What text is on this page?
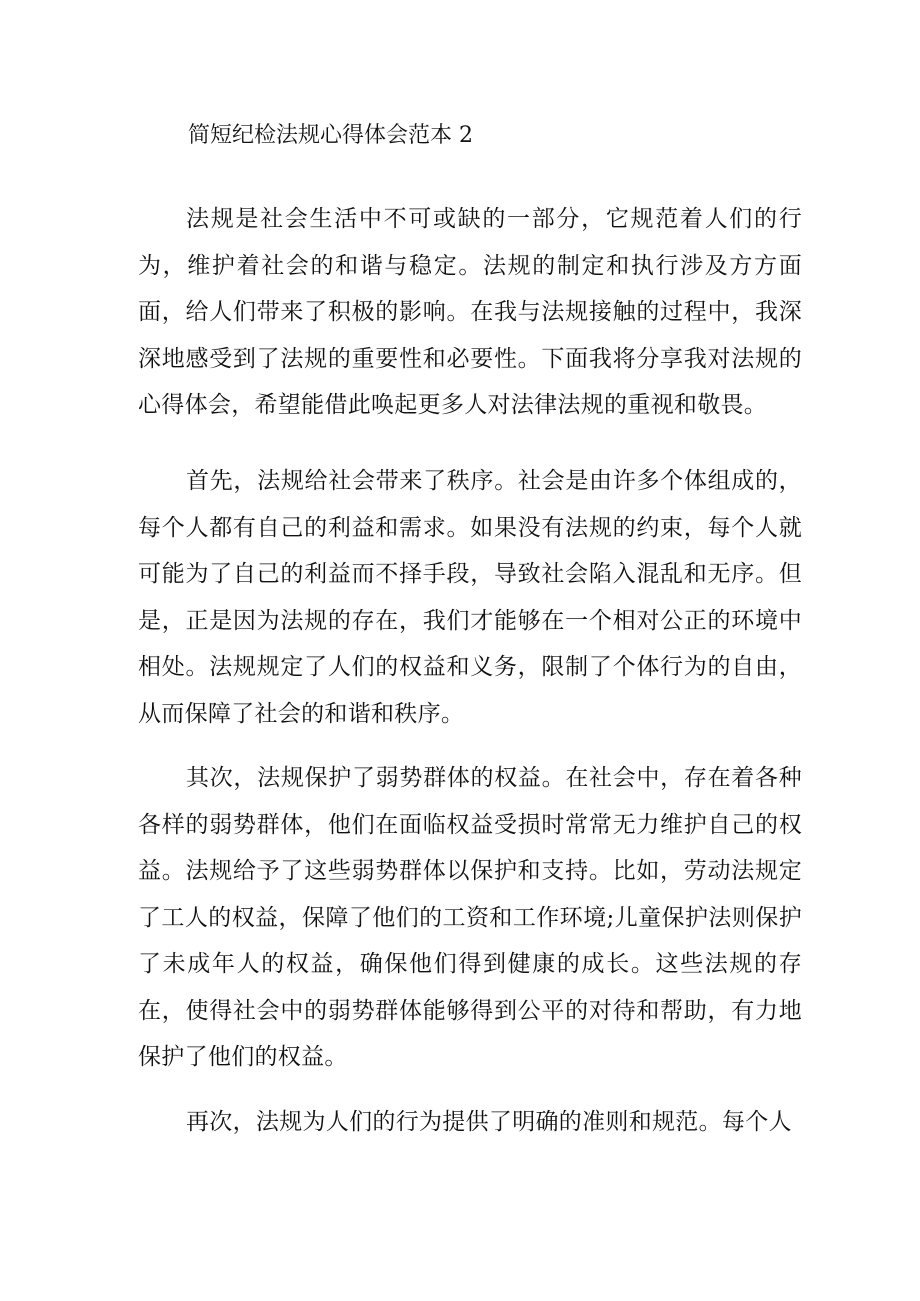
简短纪检法规心得体会范本 2

法规是社会生活中不可或缺的一部分，它规范着人们的行为，维护着社会的和谐与稳定。法规的制定和执行涉及方方面面，给人们带来了积极的影响。在我与法规接触的过程中，我深深地感受到了法规的重要性和必要性。下面我将分享我对法规的心得体会，希望能借此唤起更多人对法律法规的重视和敬畏。

首先，法规给社会带来了秩序。社会是由许多个体组成的，每个人都有自己的利益和需求。如果没有法规的约束，每个人就可能为了自己的利益而不择手段，导致社会陷入混乱和无序。但是，正是因为法规的存在，我们才能够在一个相对公正的环境中相处。法规规定了人们的权益和义务，限制了个体行为的自由，从而保障了社会的和谐和秩序。

其次，法规保护了弱势群体的权益。在社会中，存在着各种各样的弱势群体，他们在面临权益受损时常常无力维护自己的权益。法规给予了这些弱势群体以保护和支持。比如，劳动法规定了工人的权益，保障了他们的工资和工作环境;儿童保护法则保护了未成年人的权益，确保他们得到健康的成长。这些法规的存在，使得社会中的弱势群体能够得到公平的对待和帮助，有力地保护了他们的权益。

再次，法规为人们的行为提供了明确的准则和规范。每个人
